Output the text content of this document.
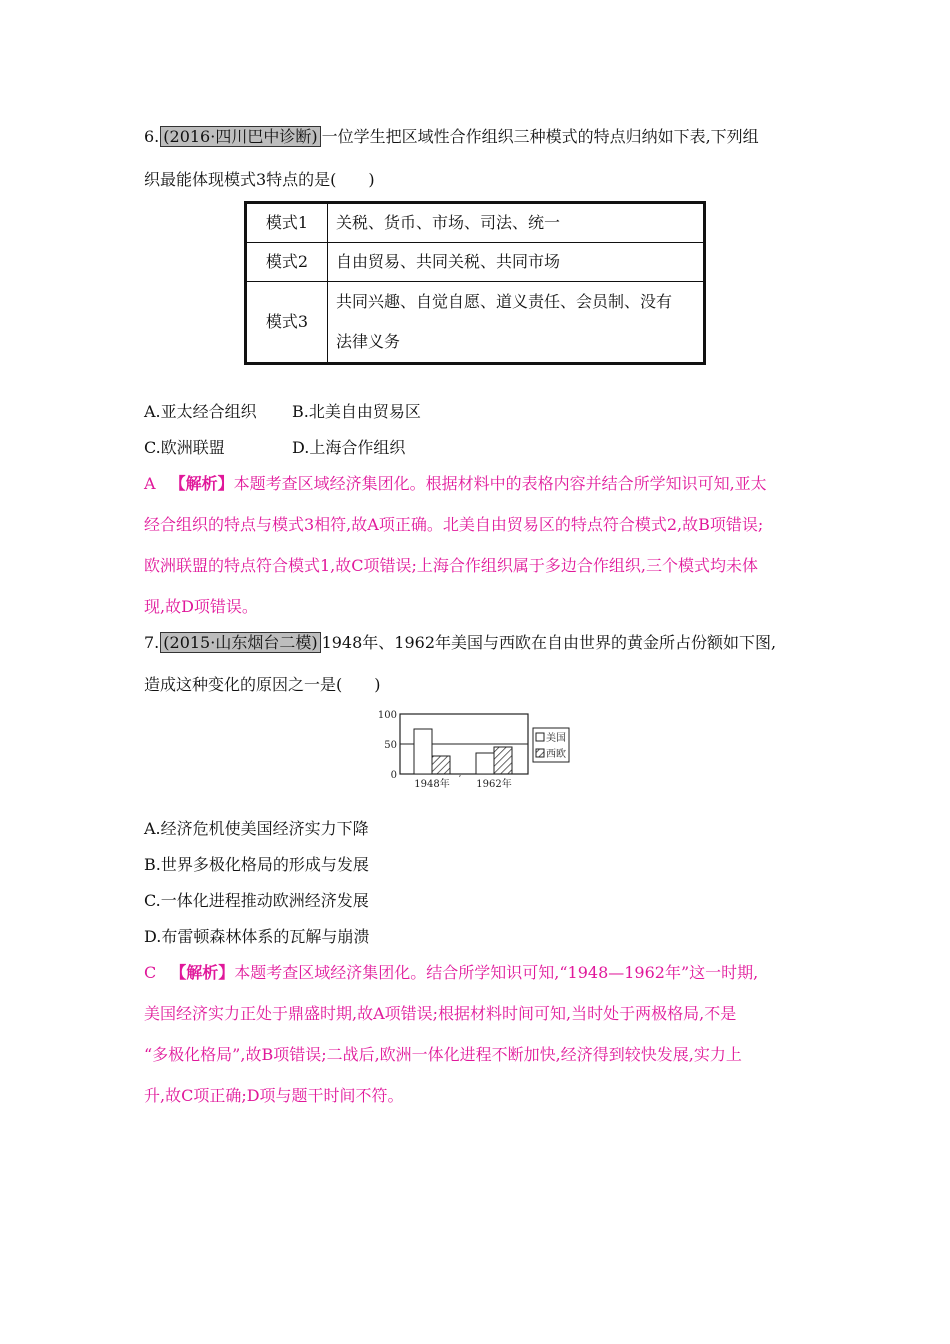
6. (2016·四川巴中诊断) 一位学生把区域性合作组织三种模式的特点归纳如下表,下列组
织最能体现模式3特点的是(　　)
模式1	关税、货币、市场、司法、统一
模式2	自由贸易、共同关税、共同市场
模式3	共同兴趣、自觉自愿、道义责任、会员制、没有
法律义务
A.亚太经合组织 B.北美自由贸易区
C.欧洲联盟	D.上海合作组织
A 【解析】本题考查区域经济集团化。根据材料中的表格内容并结合所学知识可知,亚太
经合组织的特点与模式3相符,故A项正确。北美自由贸易区的特点符合模式2,故B项错误;
欧洲联盟的特点符合模式1,故C项错误;上海合作组织属于多边合作组织,三个模式均未体
现,故D项错误。
7. (2015·山东烟台二模) 1948年、1962年美国与西欧在自由世界的黄金所占份额如下图,
造成这种变化的原因之一是(　　)
0
50
100
1948年	1962年
,
美国
西欧
A.经济危机使美国经济实力下降
B.世界多极化格局的形成与发展
C.一体化进程推动欧洲经济发展
D.布雷顿森林体系的瓦解与崩溃
C 【解析】本题考查区域经济集团化。结合所学知识可知,“1948—1962年”这一时期,
美国经济实力正处于鼎盛时期,故A项错误;根据材料时间可知,当时处于两极格局,不是
“多极化格局”,故B项错误;二战后,欧洲一体化进程不断加快,经济得到较快发展,实力上
升,故C项正确;D项与题干时间不符。
